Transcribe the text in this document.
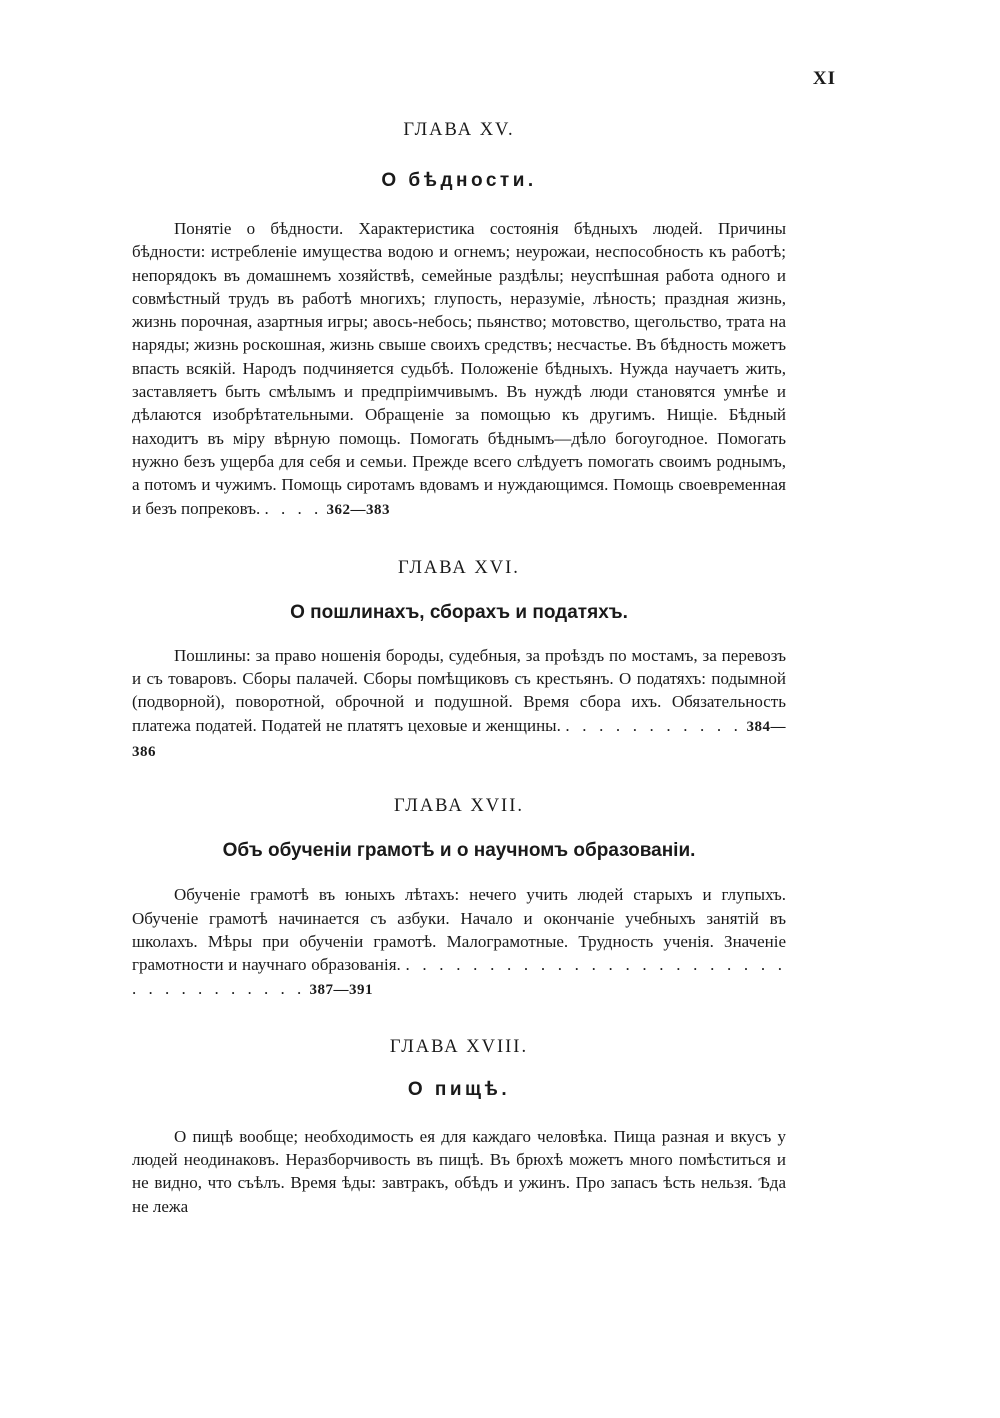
XI

ГЛАВА XV.

О бѣдности.

Понятіе о бѣдности. Характеристика состоянія бѣдныхъ людей. Причины бѣдности: истребленіе имущества водою и огнемъ; неурожаи, неспособность къ работѣ; непорядокъ въ домашнемъ хозяйствѣ, семейные раздѣлы; неуспѣшная работа одного и совмѣстный трудъ въ работѣ многихъ; глупость, неразуміе, лѣность; праздная жизнь, жизнь порочная, азартныя игры; авось-небось; пьянство; мотовство, щегольство, трата на наряды; жизнь роскошная, жизнь свыше своихъ средствъ; несчастье. Въ бѣдность можетъ впасть всякій. Народъ подчиняется судьбѣ. Положеніе бѣдныхъ. Нужда научаетъ жить, заставляетъ быть смѣлымъ и предпріимчивымъ. Въ нуждѣ люди становятся умнѣе и дѣлаются изобрѣтательными. Обращеніе за помощью къ другимъ. Нищіе. Бѣдный находитъ въ міру вѣрную помощь. Помогать бѣднымъ—дѣло богоугодное. Помогать нужно безъ ущерба для себя и семьи. Прежде всего слѣдуетъ помогать своимъ роднымъ, а потомъ и чужимъ. Помощь сиротамъ вдовамъ и нуждающимся. Помощь своевременная и безъ попрековъ. . . . . 362—383

ГЛАВА XVI.

О пошлинахъ, сборахъ и податяхъ.

Пошлины: за право ношенія бороды, судебныя, за проѣздъ по мостамъ, за перевозъ и съ товаровъ. Сборы палачей. Сборы помѣщиковъ съ крестьянъ. О податяхъ: подымной (подворной), поворотной, оброчной и подушной. Время сбора ихъ. Обязательность платежа податей. Податей не платятъ цеховые и женщины. . . . . . . . . . . . 384—386

ГЛАВА XVII.

Объ обученіи грамотѣ и о научномъ образованіи.

Обученіе грамотѣ въ юныхъ лѣтахъ: нечего учить людей старыхъ и глупыхъ. Обученіе грамотѣ начинается съ азбуки. Начало и окончаніе учебныхъ занятій въ школахъ. Мѣры при обученіи грамотѣ. Малограмотные. Трудность ученія. Значеніе грамотности и научнаго образованія. . . . . . . . . . . . . . . . . . . . . . . . . . . . . . . . . . . 387—391

ГЛАВА XVIII.

О пищѣ.

О пищѣ вообще; необходимость ея для каждаго человѣка. Пища разная и вкусъ у людей неодинаковъ. Неразборчивость въ пищѣ. Въ брюхѣ можетъ много помѣститься и не видно, что съѣлъ. Время ѣды: завтракъ, обѣдъ и ужинъ. Про запасъ ѣсть нельзя. Ѣда не лежа
